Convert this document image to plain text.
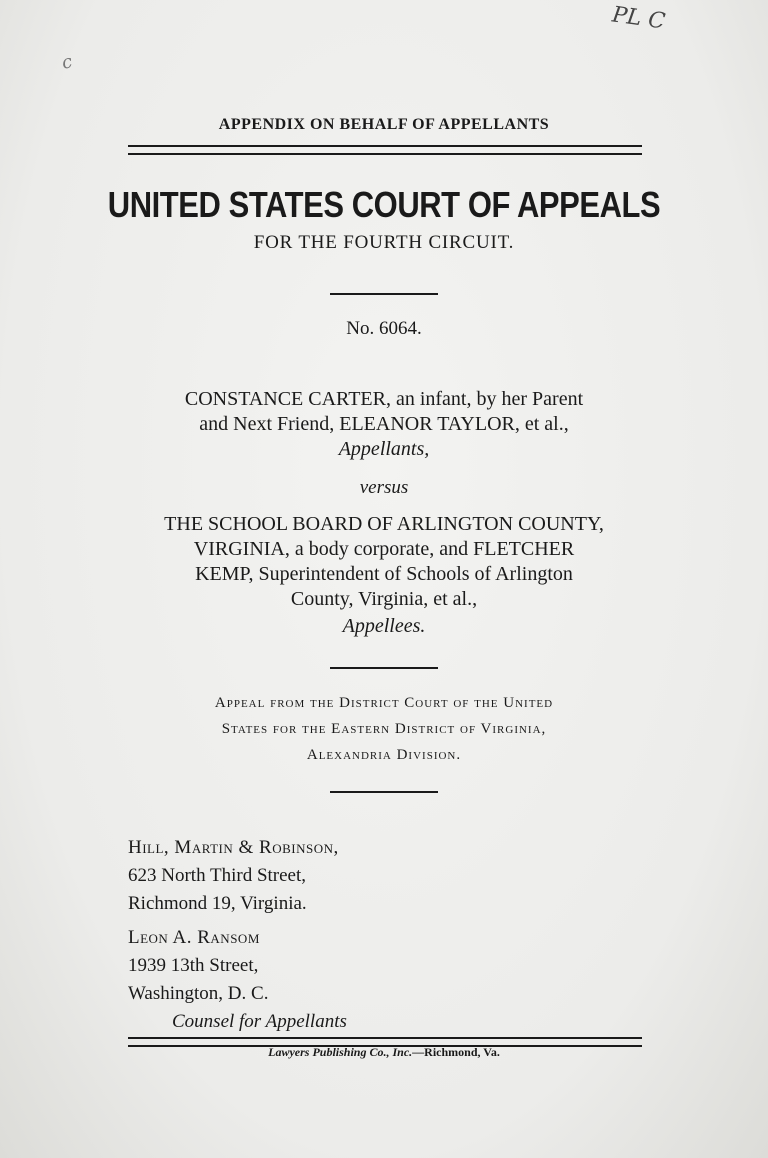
PL C
c
APPENDIX ON BEHALF OF APPELLANTS
UNITED STATES COURT OF APPEALS
FOR THE FOURTH CIRCUIT.
No. 6064.
CONSTANCE CARTER, an infant, by her Parent
and Next Friend, ELEANOR TAYLOR, et al.,
Appellants,
versus
THE SCHOOL BOARD OF ARLINGTON COUNTY,
VIRGINIA, a body corporate, and FLETCHER
KEMP, Superintendent of Schools of Arlington
County, Virginia, et al.,
Appellees.
Appeal from the District Court of the United
States for the Eastern District of Virginia,
Alexandria Division.
Hill, Martin & Robinson,
623 North Third Street,
Richmond 19, Virginia.
Leon A. Ransom
1939 13th Street,
Washington, D. C.
Counsel for Appellants
Lawyers Publishing Co., Inc.—Richmond, Va.
